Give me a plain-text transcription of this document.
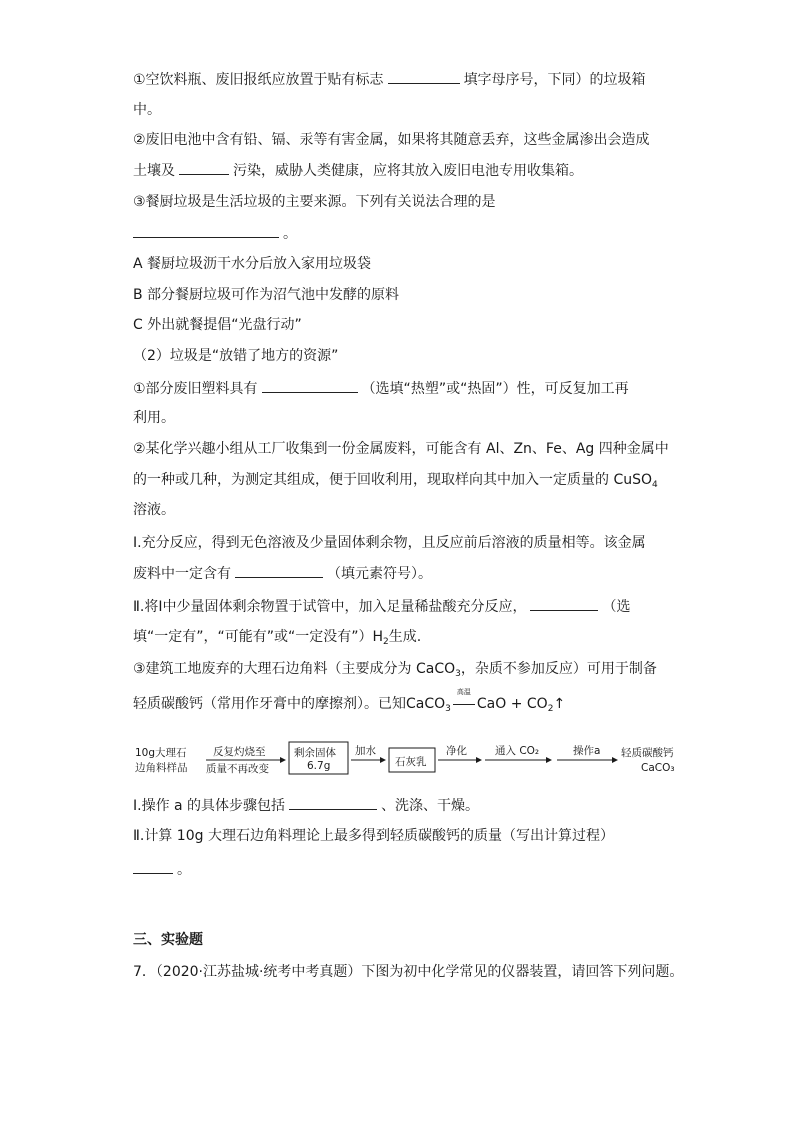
①空饮料瓶、废旧报纸应放置于贴有标志	填字母序号，下同）的垃圾箱
中。
②废旧电池中含有铅、镉、汞等有害金属，如果将其随意丢弃，这些金属渗出会造成
土壤及	污染，威胁人类健康，应将其放入废旧电池专用收集箱。
③餐厨垃圾是生活垃圾的主要来源。下列有关说法合理的是
。
A 餐厨垃圾沥干水分后放入家用垃圾袋
B 部分餐厨垃圾可作为沼气池中发酵的原料
C 外出就餐提倡“光盘行动”
（2）垃圾是“放错了地方的资源”
①部分废旧塑料具有	（选填“热塑”或“热固”）性，可反复加工再
利用。
②某化学兴趣小组从工厂收集到一份金属废料，可能含有 Al、Zn、Fe、Ag 四种金属中
的一种或几种，为测定其组成，便于回收利用，现取样向其中加入一定质量的 CuSO$_4$
溶液。
Ⅰ.充分反应，得到无色溶液及少量固体剩余物，且反应前后溶液的质量相等。该金属
废料中一定含有	（填元素符号）。
Ⅱ.将Ⅰ中少量固体剩余物置于试管中，加入足量稀盐酸充分反应，	（选
填“一定有”，“可能有”或“一定没有$”)H_2$生成.
③建筑工地废弃的大理石边角料（主要成分为 CaCO$_3$，杂质不参加反应）可用于制备
轻质碳酸钙（常用作牙膏中的摩擦剂）。已知CaCO$_3$
高温
CaO + $CO_2↑$
10g大理石
边角料样品
反复灼烧至
质量不再改变
剩余固体
6.7g
加水
石灰乳
净化	通入 CO₂	操作a 轻质碳酸钙
CaCO₃
Ⅰ.操作 a 的具体步骤包括	、洗涤、干燥。
Ⅱ.计算 10g 大理石边角料理论上最多得到轻质碳酸钙的质量（写出计算过程）
。
三、实验题
7．（2020·江苏盐城·统考中考真题）下图为初中化学常见的仪器装置，请回答下列问题。
